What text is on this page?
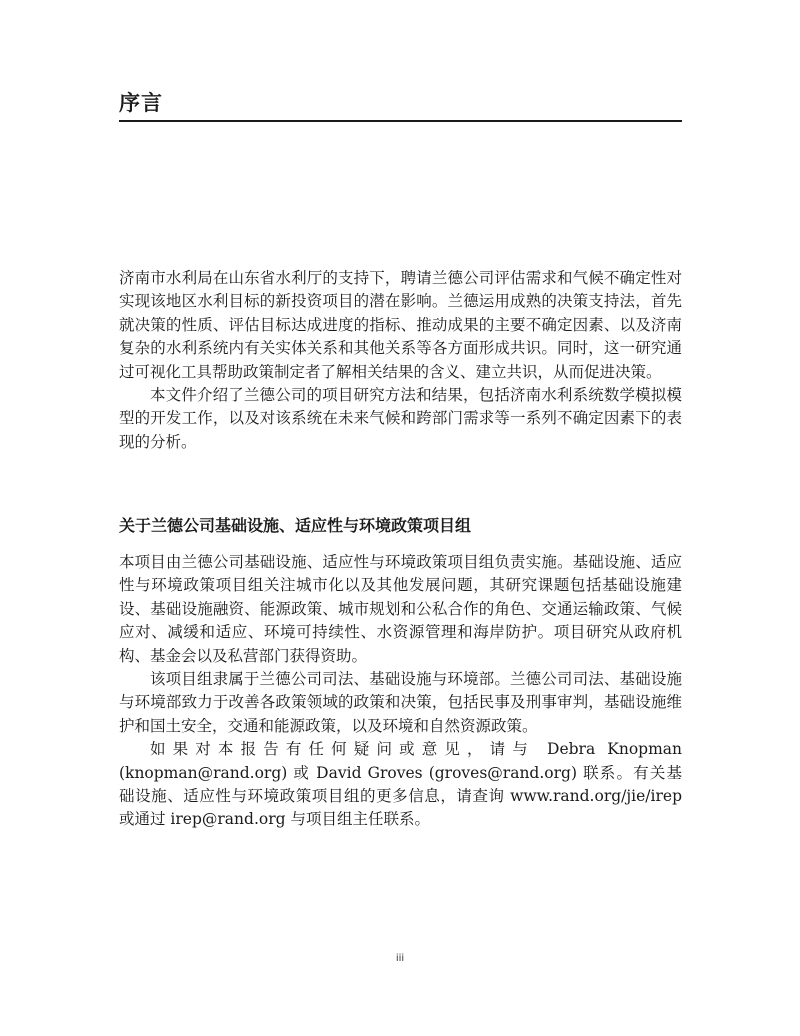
序言

济南市水利局在山东省水利厅的支持下，聘请兰德公司评估需求和气候不确定性对实现该地区水利目标的新投资项目的潜在影响。兰德运用成熟的决策支持法，首先就决策的性质、评估目标达成进度的指标、推动成果的主要不确定因素、以及济南复杂的水利系统内有关实体关系和其他关系等各方面形成共识。同时，这一研究通过可视化工具帮助政策制定者了解相关结果的含义、建立共识，从而促进决策。

本文件介绍了兰德公司的项目研究方法和结果，包括济南水利系统数学模拟模型的开发工作，以及对该系统在未来气候和跨部门需求等一系列不确定因素下的表现的分析。

关于兰德公司基础设施、适应性与环境政策项目组

本项目由兰德公司基础设施、适应性与环境政策项目组负责实施。基础设施、适应性与环境政策项目组关注城市化以及其他发展问题，其研究课题包括基础设施建设、基础设施融资、能源政策、城市规划和公私合作的角色、交通运输政策、气候应对、减缓和适应、环境可持续性、水资源管理和海岸防护。项目研究从政府机构、基金会以及私营部门获得资助。

该项目组隶属于兰德公司司法、基础设施与环境部。兰德公司司法、基础设施与环境部致力于改善各政策领域的政策和决策，包括民事及刑事审判，基础设施维护和国土安全，交通和能源政策，以及环境和自然资源政策。

如果对本报告有任何疑问或意见，请与 Debra Knopman (knopman@rand.org) 或 David Groves (groves@rand.org) 联系。有关基础设施、适应性与环境政策项目组的更多信息，请查询 www.rand.org/jie/irep 或通过 irep@rand.org 与项目组主任联系。

iii
